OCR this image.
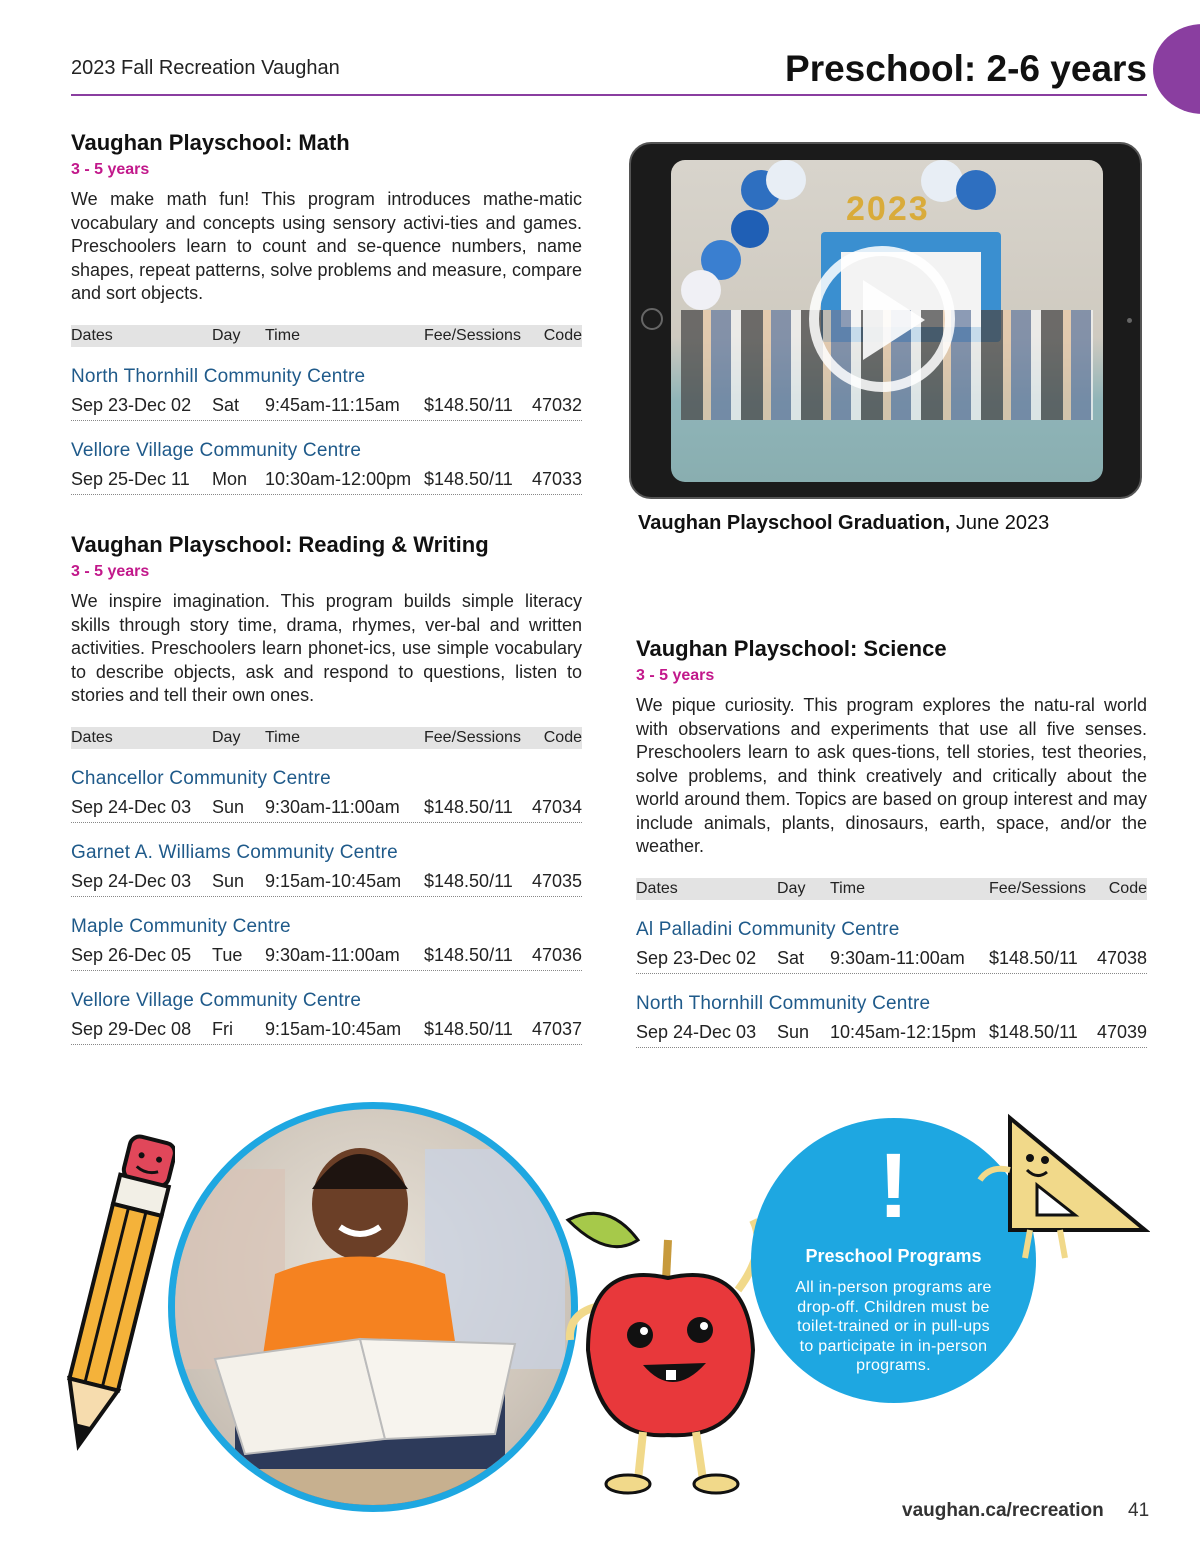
2023 Fall Recreation Vaughan	Preschool: 2-6 years
Vaughan Playschool: Math
3 - 5 years
We make math fun! This program introduces mathe-matic vocabulary and concepts using sensory activi-ties and games. Preschoolers learn to count and se-quence numbers, name shapes, repeat patterns, solve problems and measure, compare and sort objects.
Dates	Day Time	Fee/Sessions Code
North Thornhill Community Centre
Sep 23-Dec 02 Sat 9:45am-11:15am $148.50/11 47032
Vellore Village Community Centre
Sep 25-Dec 11 Mon 10:30am-12:00pm $148.50/11 47033
Vaughan Playschool: Reading & Writing
3 - 5 years
We inspire imagination. This program builds simple literacy skills through story time, drama, rhymes, ver-bal and written activities. Preschoolers learn phonet-ics, use simple vocabulary to describe objects, ask and respond to questions, listen to stories and tell their own ones.
Dates	Day Time	Fee/Sessions Code
Chancellor Community Centre
Sep 24-Dec 03 Sun 9:30am-11:00am $148.50/11 47034
Garnet A. Williams Community Centre
Sep 24-Dec 03 Sun 9:15am-10:45am $148.50/11 47035
Maple Community Centre
Sep 26-Dec 05 Tue 9:30am-11:00am $148.50/11 47036
Vellore Village Community Centre
Sep 29-Dec 08 Fri 9:15am-10:45am $148.50/11 47037
2023
Vaughan Playschool Graduation, June 2023
Vaughan Playschool: Science
3 - 5 years
We pique curiosity. This program explores the natu-ral world with observations and experiments that use all five senses. Preschoolers learn to ask ques-tions, tell stories, test theories, solve problems, and think creatively and critically about the world around them. Topics are based on group interest and may include animals, plants, dinosaurs, earth, space, and/or the weather.
Dates	Day Time	Fee/Sessions Code
Al Palladini Community Centre
Sep 23-Dec 02 Sat 9:30am-11:00am $148.50/11 47038
North Thornhill Community Centre
Sep 24-Dec 03 Sun 10:45am-12:15pm $148.50/11 47039
!
Preschool Programs
All in-person programs are drop-off. Children must be toilet-trained or in pull-ups to participate in in-person programs.
vaughan.ca/recreation 41
